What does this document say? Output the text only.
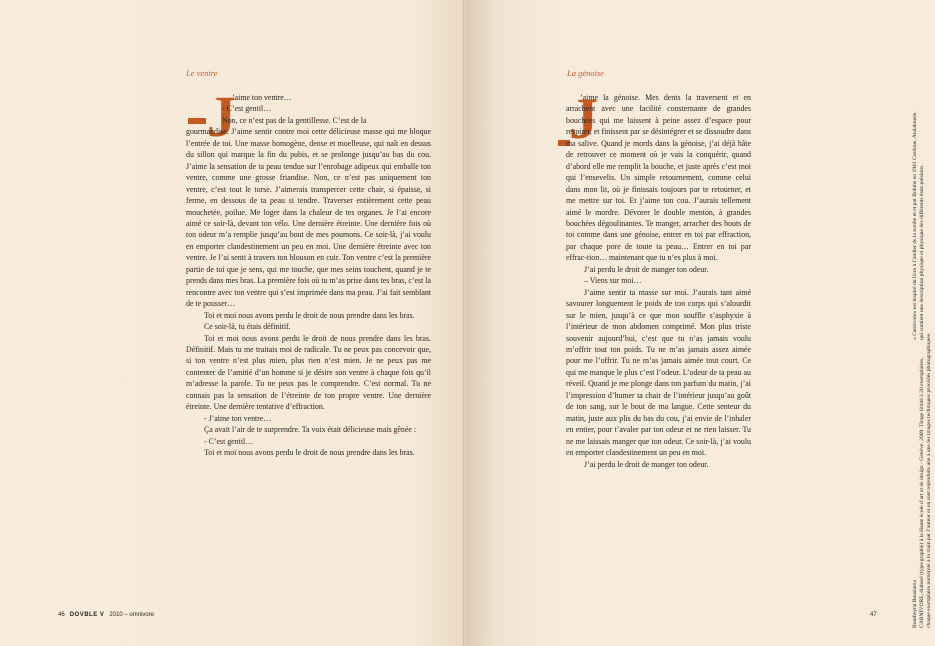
Le ventre
J

’aime ton ventre…

- C’est gentil…

Non, ce n’est pas de la gentillesse. C’est de la

gourmandise. J’aime sentir contre moi cette délicieuse masse qui me bloque l’entrée de toi. Une masse homogène, dense et moelleuse, qui naît en dessus du sillon qui marque la fin du pubis, et se prolonge jusqu’au bas du cou. J’aime la sensation de ta peau tendue sur l’enrobage adipeux qui emballe ton ventre, comme une grosse friandise. Non, ce n’est pas uniquement ton ventre, c’est tout le torse. J’aimerais transpercer cette chair, si épaisse, si ferme, en dessous de ta peau si tendre. Traverser entièrement cette peau mouchetée, poilue. Me loger dans la chaleur de tes organes. Je l’ai encore aimé ce soir-là, devant ton vélo. Une dernière étreinte. Une dernière fois où ton odeur m’a remplie jusqu’au bout de mes poumons. Ce soir-là, j’ai voulu en emporter clandestinement un peu en moi. Une dernière étreinte avec ton ventre. Je l’ai senti à travers ton blouson en cuir. Ton ventre c’est la première partie de toi que je sens, qui me touche, que mes seins touchent, quand je te prends dans mes bras. La première fois où tu m’as prise dans tes bras, c’est la rencontre avec ton ventre qui s’est imprimée dans ma peau. J’ai fait semblant de te pousser…

Toi et moi nous avons perdu le droit de nous prendre dans les bras.

Ce soir-là, tu étais définitif.

Toi et moi nous avons perdu le droit de nous prendre dans les bras. Définitif. Mais tu me traitais moi de radicale. Tu ne peux pas concevoir que, si ton ventre n’est plus mien, plus rien n’est mien. Je ne peux pas me contenter de l’amitié d’un homme si je désire son ventre à chaque fois qu’il m’adresse la parole. Tu ne peux pas le comprendre. C’est normal. Tu ne connais pas la sensation de l’étreinte de ton propre ventre. Une dernière étreinte. Une dernière tentative d’effraction.

- J’aime ton ventre…

Ça avait l’air de te surprendre. Ta voix était délicieuse mais gênée :

- C’est gentil…

Toi et moi nous avons perdu le droit de nous prendre dans les bras.

46 DOVBLE V 2010 – omnivore
La génoise
J

’aime la génoise. Mes dents la traversent et en arrachent avec une facilité consternante de grandes bouchées qui me laissent à peine assez d’espace pour respirer, et finissent par se désintégrer et se dissoudre dans ma salive. Quand je mords dans la génoise, j’ai déjà hâte de retrouver ce moment où je vais la conquérir, quand d’abord elle me remplit la bouche, et juste après c’est moi qui l’ensevelis. Un simple retournement, comme celui dans mon lit, où je finissais toujours par te retourner, et me mettre sur toi. Et j’aime ton cou. J’aurais tellement aimé le mordre. Dévorer le double menton, à grandes bouchées dégoulinantes. Te manger, arracher des bouts de toi comme dans une génoise, entrer en toi par effraction, par chaque pore de toute ta peau… Entrer en toi par effrac-tion… maintenant que tu n’es plus à moi.

J’ai perdu le droit de manger ton odeur.

– Viens sur moi…

J’aime sentir ta masse sur moi. J’aurais tant aimé savourer longuement le poids de ton corps qui s’alourdit sur le mien, jusqu’à ce que mon souffle s’asphyxie à l’intérieur de mon abdomen comprimé. Mon plus triste souvenir aujourd’hui, c’est que tu n’as jamais voulu m’offrir tout ton poids. Tu ne m’as jamais assez aimée pour me l’offrir. Tu ne m’as jamais aimée tout court. Ce qui me manque le plus c’est l’odeur. L’odeur de ta peau au réveil. Quand je me plonge dans ton parfum du matin, j’ai l’impression d’humer ta chair de l’intérieur jusqu’au goût de ton sang, sur le bout de ma langue. Cette senteur du matin, juste aux plis du bas du cou, j’ai envie de l’inhaler en entier, pour t’avaler par ton odeur et ne rien laisser. Tu ne me laissais manger que ton odeur. Ce soir-là, j’ai voulu en emporter clandestinement un peu en moi.

J’ai perdu le droit de manger ton odeur.

47	Boutheyna Bouslama CARNIVORE, élaboré (typo/graphie) à la Haute école d’art et de design - Genève, 2009. Tirage limité à 20 exemplaires, chaque exemplaire numéroté à la main par l’auteur et où sont reproduits une à une les images techniques procédés photographiques.
« Carnivore» est inspiré du livre à l’atelier de la tombe et et par Bohine en 1941 Cordoue, Andalousie, qui contient une description physique et physique des différents états pulsions.
